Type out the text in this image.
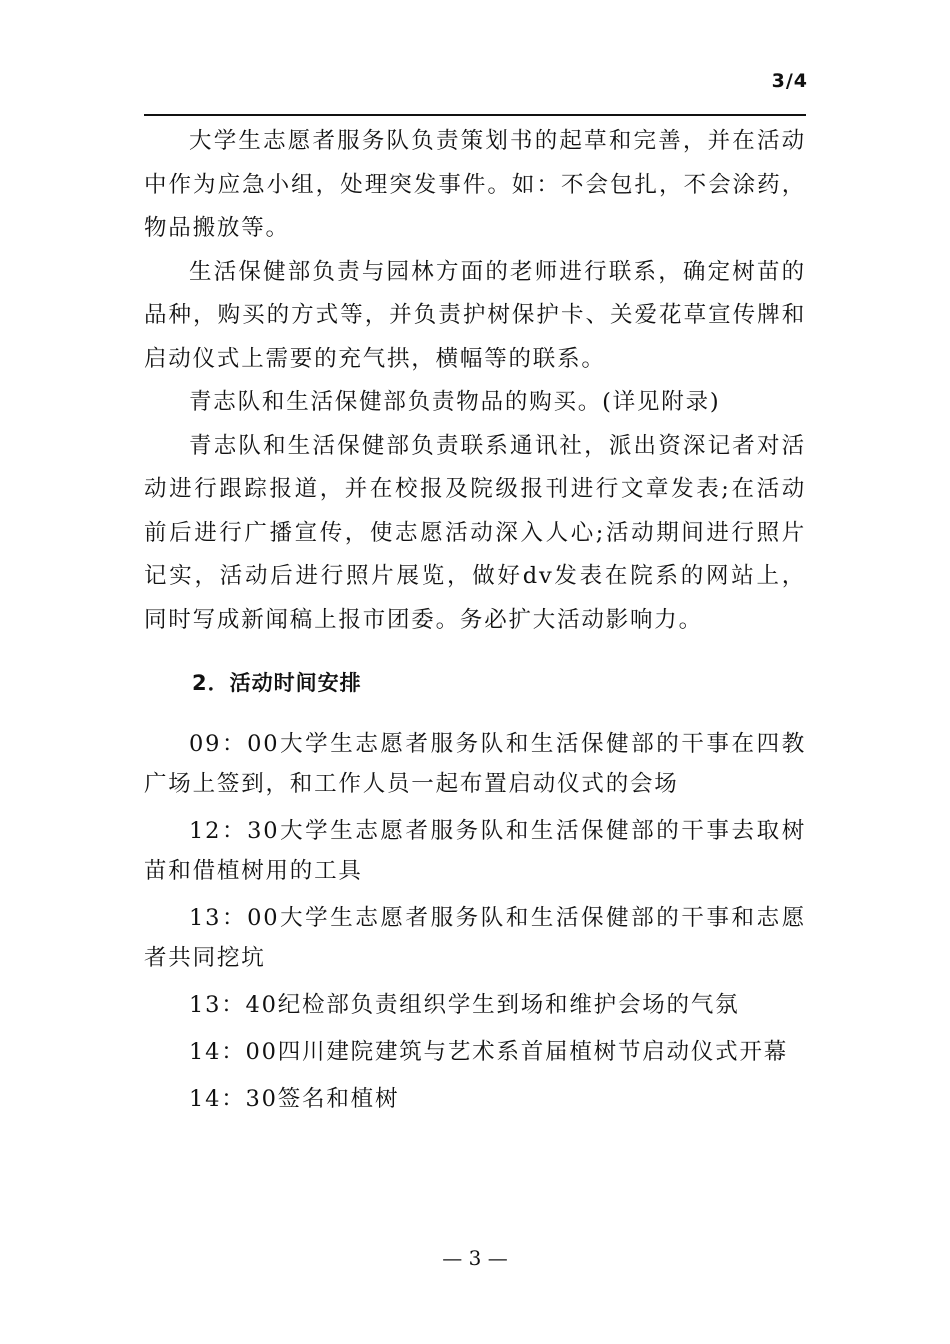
3/4

大学生志愿者服务队负责策划书的起草和完善，并在活动中作为应急小组，处理突发事件。如：不会包扎，不会涂药，物品搬放等。

生活保健部负责与园林方面的老师进行联系，确定树苗的品种，购买的方式等，并负责护树保护卡、关爱花草宣传牌和启动仪式上需要的充气拱，横幅等的联系。

青志队和生活保健部负责物品的购买。(详见附录)

青志队和生活保健部负责联系通讯社，派出资深记者对活动进行跟踪报道，并在校报及院级报刊进行文章发表;在活动前后进行广播宣传，使志愿活动深入人心;活动期间进行照片记实，活动后进行照片展览，做好dv发表在院系的网站上，同时写成新闻稿上报市团委。务必扩大活动影响力。

2．活动时间安排

09：00大学生志愿者服务队和生活保健部的干事在四教广场上签到，和工作人员一起布置启动仪式的会场

12：30大学生志愿者服务队和生活保健部的干事去取树苗和借植树用的工具

13：00大学生志愿者服务队和生活保健部的干事和志愿者共同挖坑

13：40纪检部负责组织学生到场和维护会场的气氛

14：00四川建院建筑与艺术系首届植树节启动仪式开幕

14：30签名和植树

— 3 —
